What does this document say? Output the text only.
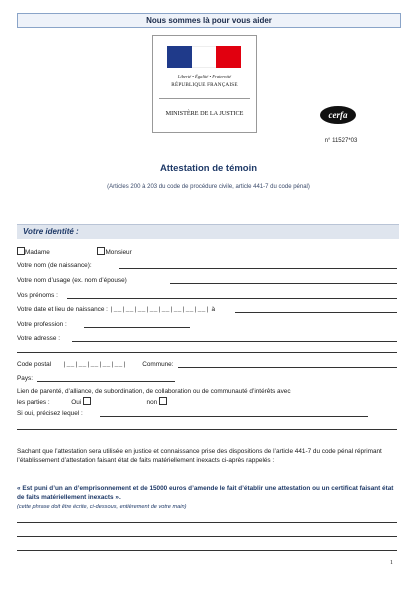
Nous sommes là pour vous aider
Liberté • Égalité • Fraternité
RÉPUBLIQUE FRANÇAISE
MINISTÈRE DE LA JUSTICE	cerfa
n° 11527*03
Attestation de témoin
(Articles 200 à 203 du code de procédure civile, article 441-7 du code pénal)
Votre identité :
Madame	Monsieur
Votre nom (de naissance):
Votre nom d’usage (ex. nom d’épouse)
Vos prénoms :
Votre date et lieu de naissance : |__|__|__|__|__|__|__|__| à
Votre profession :
Votre adresse :
Code postal |__|__|__|__|__| Commune:
Pays:
Lien de parenté, d’alliance, de subordination, de collaboration ou de communauté d’intérêts avec
les parties :	Oui	non
Si oui, précisez lequel :
Sachant que l’attestation sera utilisée en justice et connaissance prise des dispositions de l’article 441-7 du code pénal réprimant l’établissement d’attestation faisant état de faits matériellement inexacts ci-après rappelés :
« Est puni d’un an d’emprisonnement et de 15000 euros d’amende le fait d’établir une attestation ou un certificat faisant état de faits matériellement inexacts ».
(cette phrase doit être écrite, ci-dessous, entièrement de votre main)
1
